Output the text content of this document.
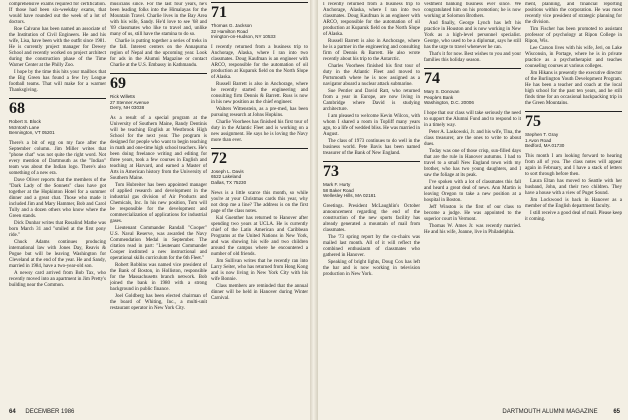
comprehensive exams required for certification. If those had been six-weekday exams, that would have rounded out the week of a lot of doctors.

Roe Calvano has been named an associate of the Institution of Civil Engineers. He and his wife, Lisa, have been with the outfit since 1981. He is currently project manager for Dewey School and recently worked on project architect during the construction phase of the Time Warner Center at the Philly Zoo.

I hope by the time this hits your mailbox that the Big Green has found a few Ivy League football teams. That will make for a warmer Thanksgiving.

68
Robert S. Block
McIntosh Lane
Bennington, VT 05201

There's a bit of egg on my face after the September column. Jim Miller writes that "phone chat" was not quite the right word. Not every mention of Dartmouth as the "Indian" team was about the Indian logo. There's also something of a new era.

Dave Oliver reports that the members of the "Dark Lady of the Sonnets" class have got together at the Hopkinton Hotel for a summer dinner and a great chat. Those who made it included Jim and Mary Hammer, Bob and Carol Tully and a dozen others who know where the Green stands.

Dick Dunbar writes that Rosalind Mathe was born March 31 and "smiled at the first pony ride."

Chuck Adams continues producing international law with Jones Day, Reavis & Pogue but will be leaving Washington for Cleveland at the end of the year. He and Sandy, married in 1984, have a two-year-old son.

A newsy card arrived from Bob Tax, who recently moved into an apartment in Jim Pretty's building near the Common.

musicians since. For the last four years, he's been leading folks into the Himalayas for the Mountain Travel. Charlie lives in the Bay Area with his wife, Sandy. He'd love to see '68 and '69 classmates who like to travel and, unlike many of us, still have the stamina to do so.

Charlie is putting together a series of treks in the fall. Interest centers on the Annapurna region of Nepal and the upcoming year. Look for ads in the Alumni Magazine or contact Charlie at the U.S. Embassy in Kathmandu.

69
Rick Willetts
27 Stenner Avenue
Derry, NH 03038

As a result of a special program at the University of Southern Maine, Randy Dentinis will be teaching English at Westbrook High School for the next year. The program is designed for people who want to begin teaching in math and one-time high school teachers. He's been doing freelance writing and editing for three years, took a few courses in English and teaching at Harvard, and earned a Master of Arts in American history from the University of Southern Maine.

Tom Hubreiter has been appointed manager of applied research and development in the industrial gas division of Air Products and Chemicals, Inc. In his new position, Tom will be responsible for the development and commercialization of applications for industrial gases.

Lieutenant Commander Randall "Cooper" U.S. Naval Reserve, was awarded the Navy Commendation Medal in September. The citation read in part: "Lieutenant Commander Cooper instituted a new instructional and operational skills curriculum for the 6th Fleet."

Robert Robbins was named vice president of the Bank of Boston, in Holliston, responsible for the Massachusetts branch network. Bob joined the bank in 1980 with a strong background in public finance.

Joel Goldberg has been elected chairman of the board of Whiting, Inc., a multi-unit restaurant operator in New York City.

71
Thomas G. Jackson
32 Hamilton Road
Irvington-on-Hudson, NY 10533

I recently returned from a business trip to Anchorage, Alaska, where I ran into two classmates. Doug Kaufman is an engineer with ARCO, responsible for the automation of oil production at Kuparuk field on the North Slope of Alaska.

Russell Barrett is also in Anchorage, where he recently started the engineering and consulting firm Dennis & Barrett. Russ is now in his new position as the chief engineer.

Walters Wittenstein, as a pre-med, has been pursuing research at Johns Hopkins.

Charlie Voorhees has finished his first tour of duty in the Atlantic Fleet and is working on a new assignment. He says he is loving the Navy more than ever.

72
Joseph L. Davis
6522 Lakeland
Dallas, TX 75230

News is a little scarce this month, so while you're at your Christmas cards this year, why not drop me a line? The address is on the first page of the class notes.

Kal Guenther has returned to Hanover after spending two years at UCLA. He is currently chief of the Latin American and Caribbean Programs at the United Nations in New York, and was showing his wife and two children around the campus where he encountered a number of old friends.

Jim Sullivan writes that he recently ran into Larry Seiter, who has returned from Hong Kong and is now living in New York City with his wife Bonnie.

Class members are reminded that the annual dinner will be held in Hanover during Winter Carnival.

64 DECEMBER 1986

I recently returned from a business trip to Anchorage, Alaska, where I ran into two classmates. Doug Kaufman is an engineer with ARCO, responsible for the automation of oil production at Kuparuk field on the North Slope of Alaska.

Russell Barrett is also in Anchorage, where he is a partner in the engineering and consulting firm of Dennis & Barrett. He also wrote recently about his trip to the Antarctic.

Charles Voorhees finished his first tour of duty in the Atlantic Fleet and moved to Portsmouth where he is now assigned as a navigator aboard a nuclear attack submarine.

Sue Pentler and David Ratt, who returned from a year in Europe, are now living in Cambridge where David is studying architecture.

I am pleased to welcome Kevin Wilcox, with whom I shared a room in Topliff many years ago, to a life of wedded bliss. He was married in August.

The class of 1973 continues to do well in the business world. Pete Bavis has been named treasurer of the Bank of New England.

73
Mark F. Hurty
58 Baker Road
Wellesley Hills, MA 02181

Greetings. President McLaughlin's October announcement regarding the end of the construction of the new sports facility has already generated a mountain of mail from classmates.

The '73 spring report by the co-chairs was mailed last month. All of it will reflect the combined enthusiasm of classmates who gathered in Hanover.

Speaking of bright lights, Doug Cox has left the bar and is now working in television production in New York.

vestment banking business ever since. We congratulated him on his promotion; he is now working at Solomon Brothers.

And finally, George Lynch has left his practice in Houston and is now working in New York as a high-level personnel specialist. George, who used to be a diplomat, says he still has the urge to travel whenever he can.

That's it for now. Best wishes to you and your families this holiday season.

74
Mary S. Donovan
People's Bank
Washington, D.C. 20006

I hope that our class will take seriously the need to support the Alumni Fund and to respond to it in a timely way.

Peter A. Laskowski, Jr. and his wife, Tina, the class treasurer, are the ones to write to about dues.

Today was one of those crisp, sun-filled days that are the rule in Hanover autumns. I had to travel to a small New England town with my brother, who has two young daughters, and I saw the foliage at its peak.

I've spoken with a lot of classmates this fall and heard a great deal of news. Ann Martin is leaving Oregon to take a new position at a hospital in Boston.

Jeff Winston is the first of our class to become a judge. He was appointed to the superior court in Vermont.

Thomas W. Ames Jr. was recently married. He and his wife, Joanne, live in Philadelphia.

ment, planning, and financial reporting positions within the corporation. He was most recently vice president of strategic planning for the division.

Tim Fischer has been promoted to assistant professor of psychology at Ripon College in Ripon, Wis.

Lee Carson lives with his wife, Jeri, on Lake Wisconsin, in Portage, where he is in private practice as a psychotherapist and teaches counseling courses at various colleges.

Jim Hikans is presently the executive director of the Burlington Youth Development Program. He has been a teacher and coach at the local high school for the past ten years, and he still finds time for an occasional backpacking trip in the Green Mountains.

75
Stephen T. Gray
1 Avon Road
Bedford, MA 01730

This month I am looking forward to hearing from all of you. The class notes will appear again in February, and I have a stack of letters to sort through before then.

Laura Eltan has moved to Seattle with her husband, John, and their two children. They have a house with a view of Puget Sound.

Jim Lockwood is back in Hanover as a member of the English department faculty.

I still receive a good deal of mail. Please keep it coming.

DARTMOUTH ALUMNI MAGAZINE	65
